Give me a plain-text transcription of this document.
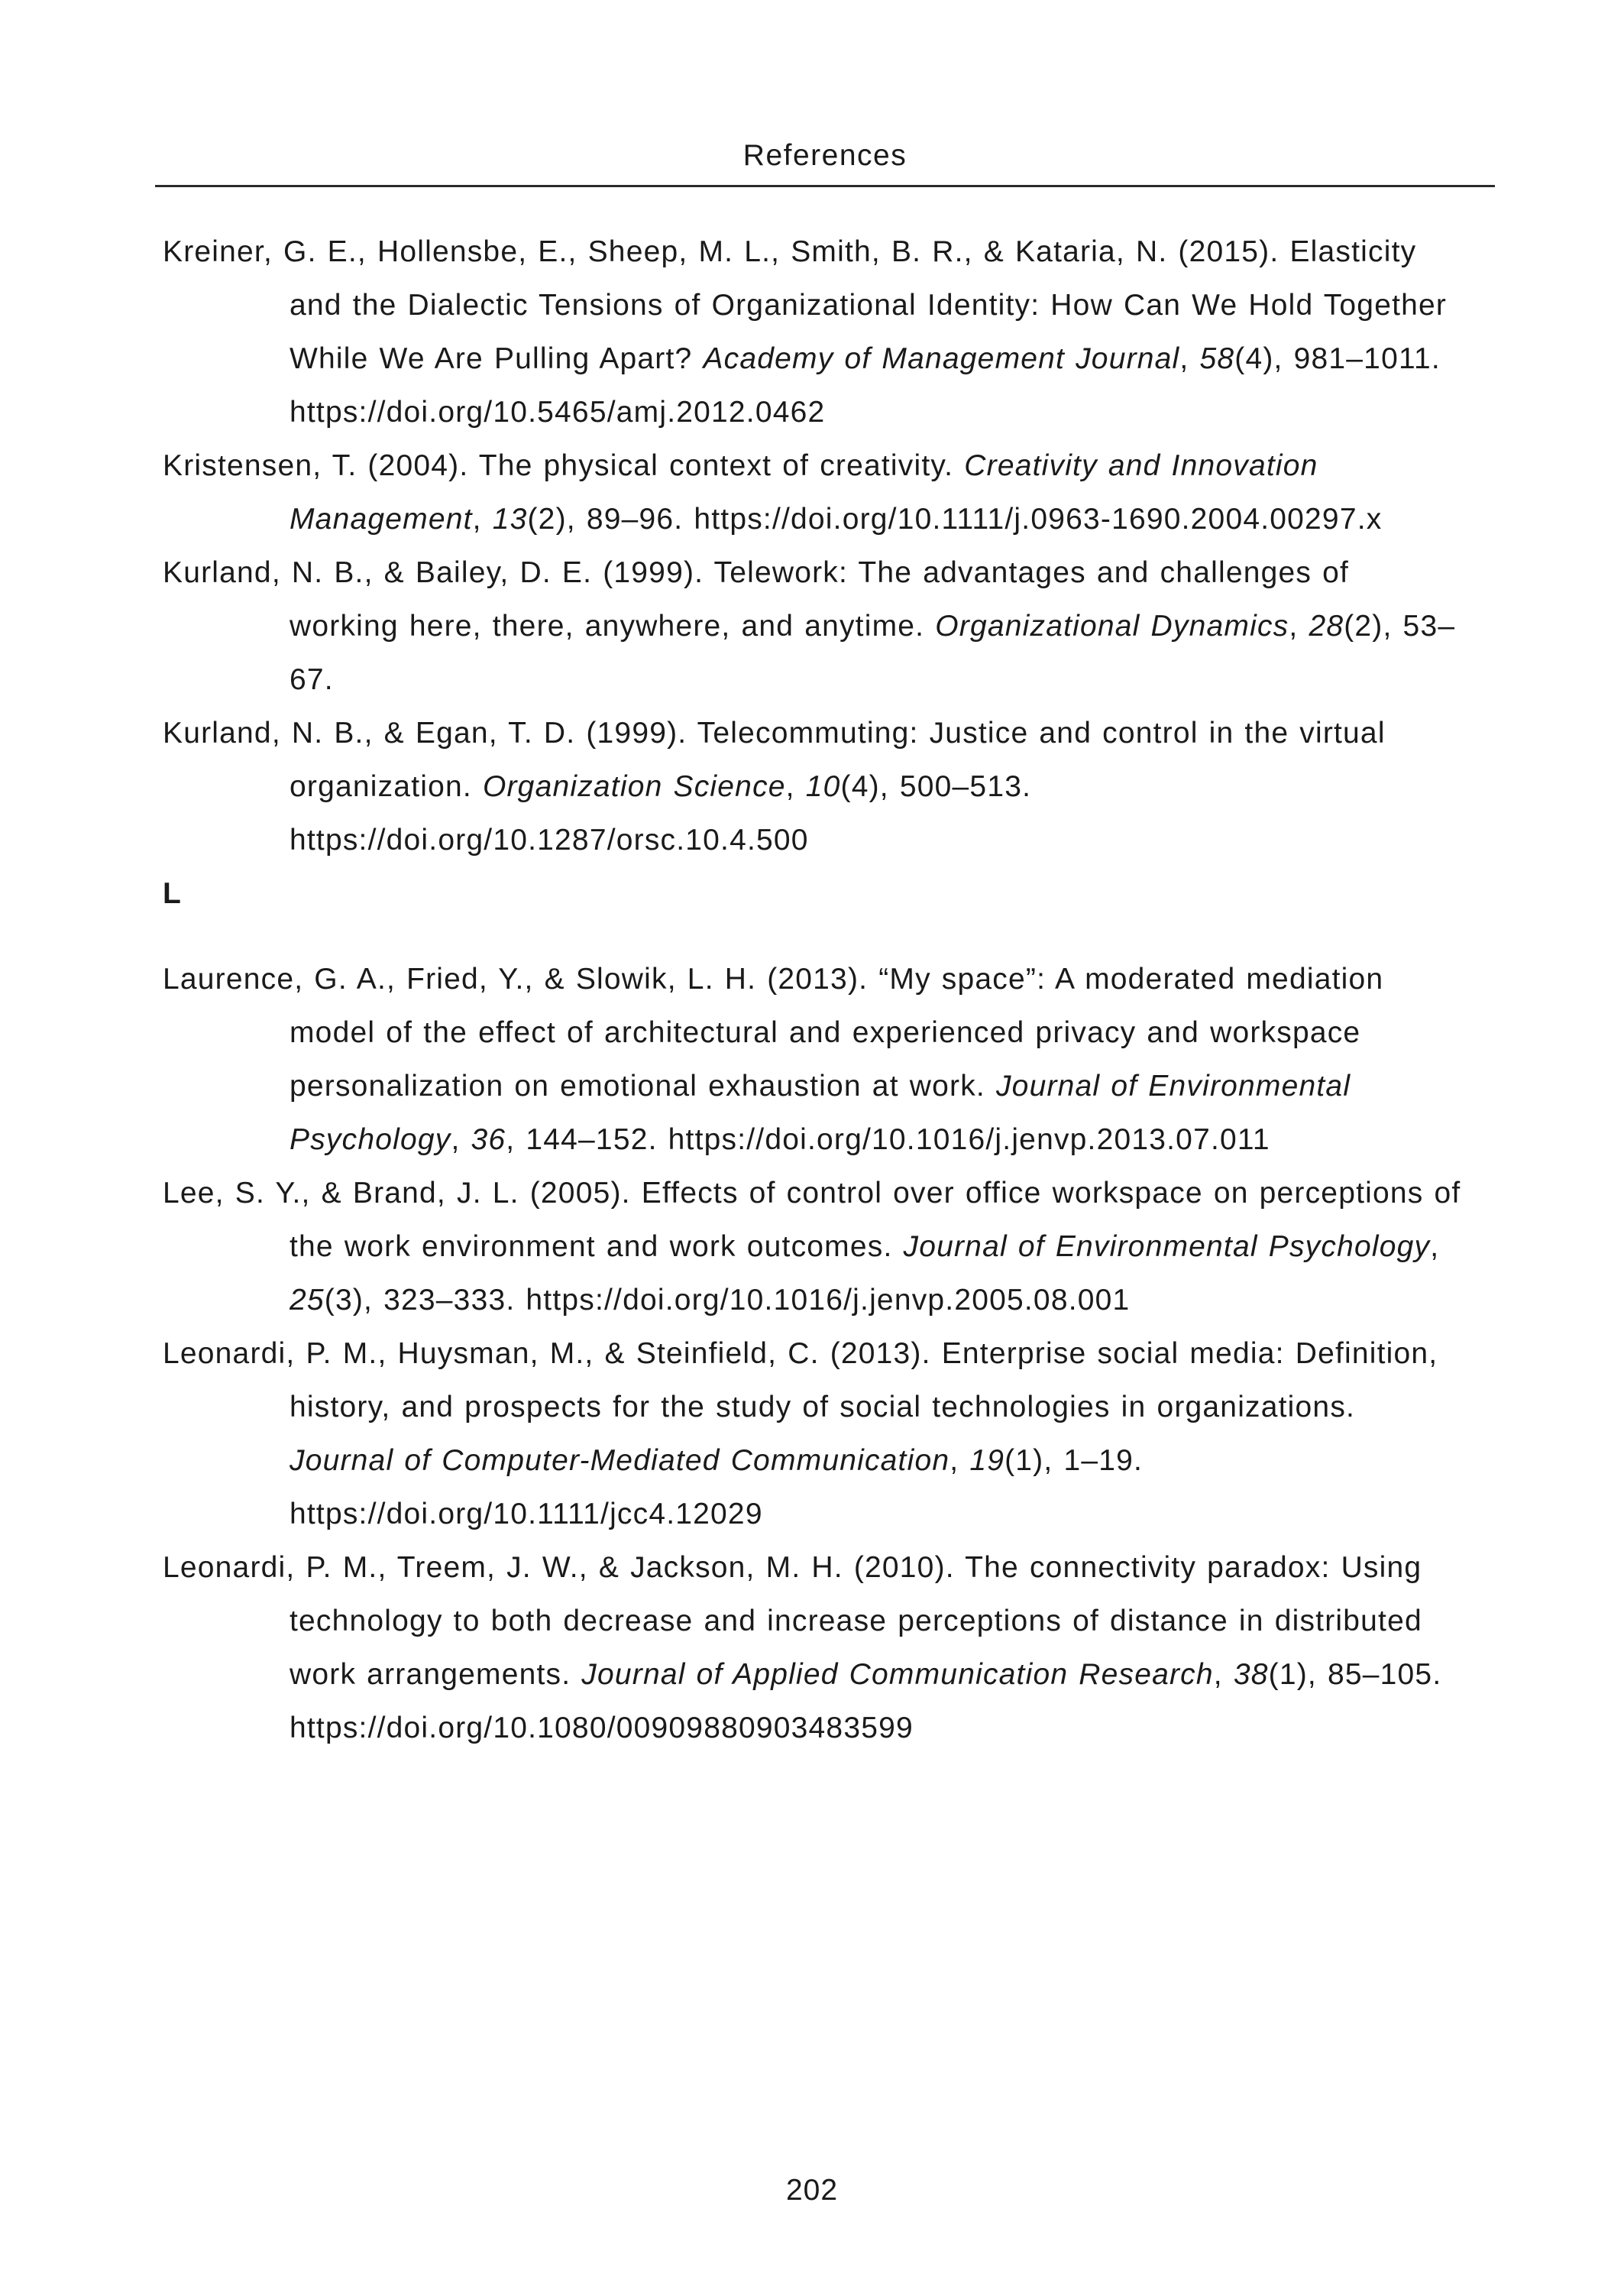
References
Kreiner, G. E., Hollensbe, E., Sheep, M. L., Smith, B. R., & Kataria, N. (2015). Elasticity and the Dialectic Tensions of Organizational Identity: How Can We Hold Together While We Are Pulling Apart? Academy of Management Journal, 58(4), 981–1011. https://doi.org/10.5465/amj.2012.0462
Kristensen, T. (2004). The physical context of creativity. Creativity and Innovation Management, 13(2), 89–96. https://doi.org/10.1111/j.0963-1690.2004.00297.x
Kurland, N. B., & Bailey, D. E. (1999). Telework: The advantages and challenges of working here, there, anywhere, and anytime. Organizational Dynamics, 28(2), 53–67.
Kurland, N. B., & Egan, T. D. (1999). Telecommuting: Justice and control in the virtual organization. Organization Science, 10(4), 500–513. https://doi.org/10.1287/orsc.10.4.500
L
Laurence, G. A., Fried, Y., & Slowik, L. H. (2013). “My space”: A moderated mediation model of the effect of architectural and experienced privacy and workspace personalization on emotional exhaustion at work. Journal of Environmental Psychology, 36, 144–152. https://doi.org/10.1016/j.jenvp.2013.07.011
Lee, S. Y., & Brand, J. L. (2005). Effects of control over office workspace on perceptions of the work environment and work outcomes. Journal of Environmental Psychology, 25(3), 323–333. https://doi.org/10.1016/j.jenvp.2005.08.001
Leonardi, P. M., Huysman, M., & Steinfield, C. (2013). Enterprise social media: Definition, history, and prospects for the study of social technologies in organizations. Journal of Computer-Mediated Communication, 19(1), 1–19. https://doi.org/10.1111/jcc4.12029
Leonardi, P. M., Treem, J. W., & Jackson, M. H. (2010). The connectivity paradox: Using technology to both decrease and increase perceptions of distance in distributed work arrangements. Journal of Applied Communication Research, 38(1), 85–105. https://doi.org/10.1080/00909880903483599
202
